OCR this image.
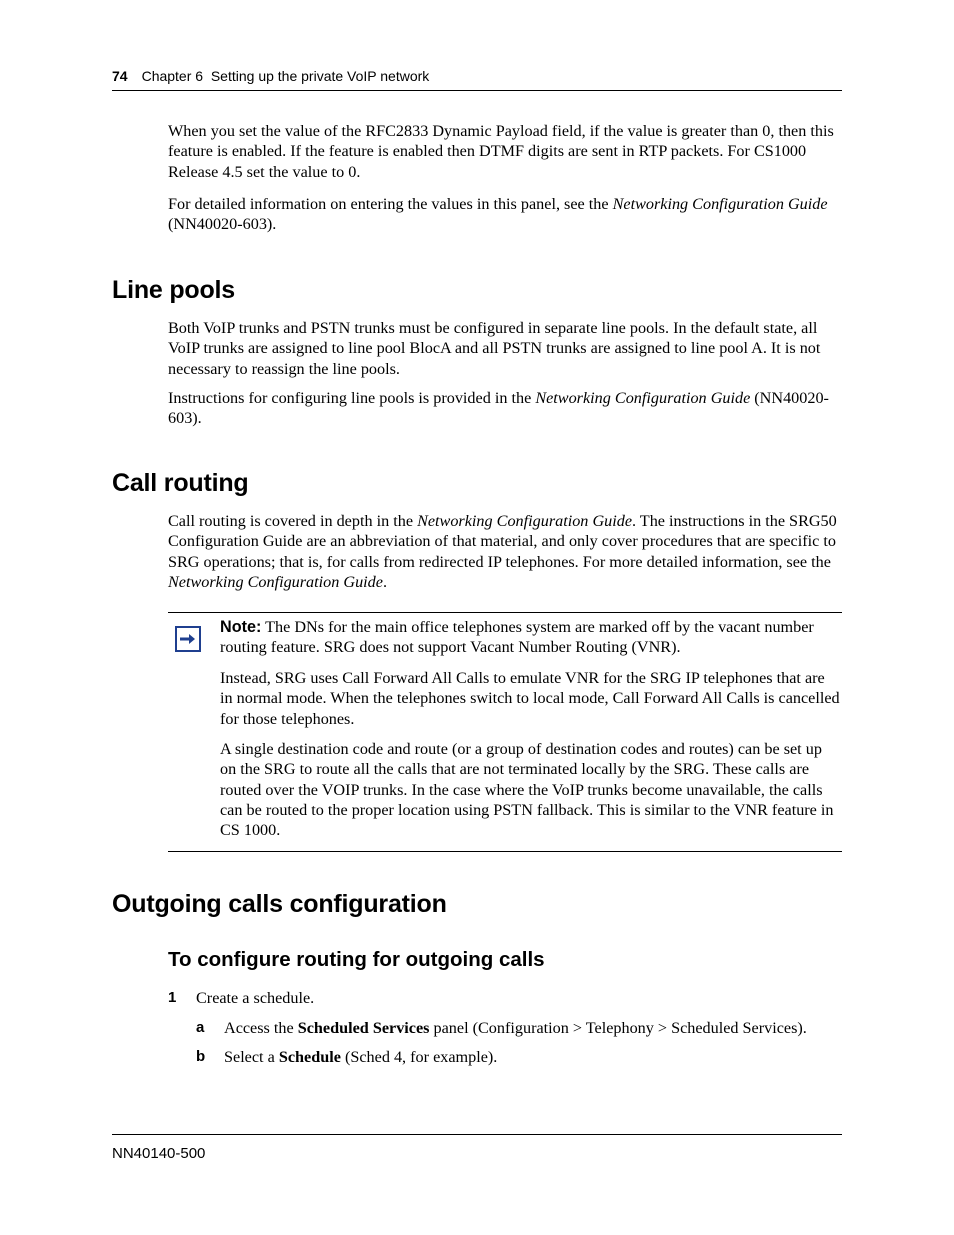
74 Chapter 6  Setting up the private VoIP network
When you set the value of the RFC2833 Dynamic Payload field, if the value is greater than 0, then this feature is enabled. If the feature is enabled then DTMF digits are sent in RTP packets. For CS1000 Release 4.5 set the value to 0.
For detailed information on entering the values in this panel, see the Networking Configuration Guide (NN40020-603).
Line pools
Both VoIP trunks and PSTN trunks must be configured in separate line pools. In the default state, all VoIP trunks are assigned to line pool BlocA and all PSTN trunks are assigned to line pool A. It is not necessary to reassign the line pools.
Instructions for configuring line pools is provided in the Networking Configuration Guide (NN40020-603).
Call routing
Call routing is covered in depth in the Networking Configuration Guide. The instructions in the SRG50 Configuration Guide are an abbreviation of that material, and only cover procedures that are specific to SRG operations; that is, for calls from redirected IP telephones. For more detailed information, see the Networking Configuration Guide.
Note: The DNs for the main office telephones system are marked off by the vacant number routing feature. SRG does not support Vacant Number Routing (VNR).
Instead, SRG uses Call Forward All Calls to emulate VNR for the SRG IP telephones that are in normal mode. When the telephones switch to local mode, Call Forward All Calls is cancelled for those telephones.
A single destination code and route (or a group of destination codes and routes) can be set up on the SRG to route all the calls that are not terminated locally by the SRG. These calls are routed over the VOIP trunks. In the case where the VoIP trunks become unavailable, the calls can be routed to the proper location using PSTN fallback. This is similar to the VNR feature in CS 1000.
Outgoing calls configuration
To configure routing for outgoing calls
1 Create a schedule.
a Access the Scheduled Services panel (Configuration > Telephony > Scheduled Services).
b Select a Schedule (Sched 4, for example).
NN40140-500
